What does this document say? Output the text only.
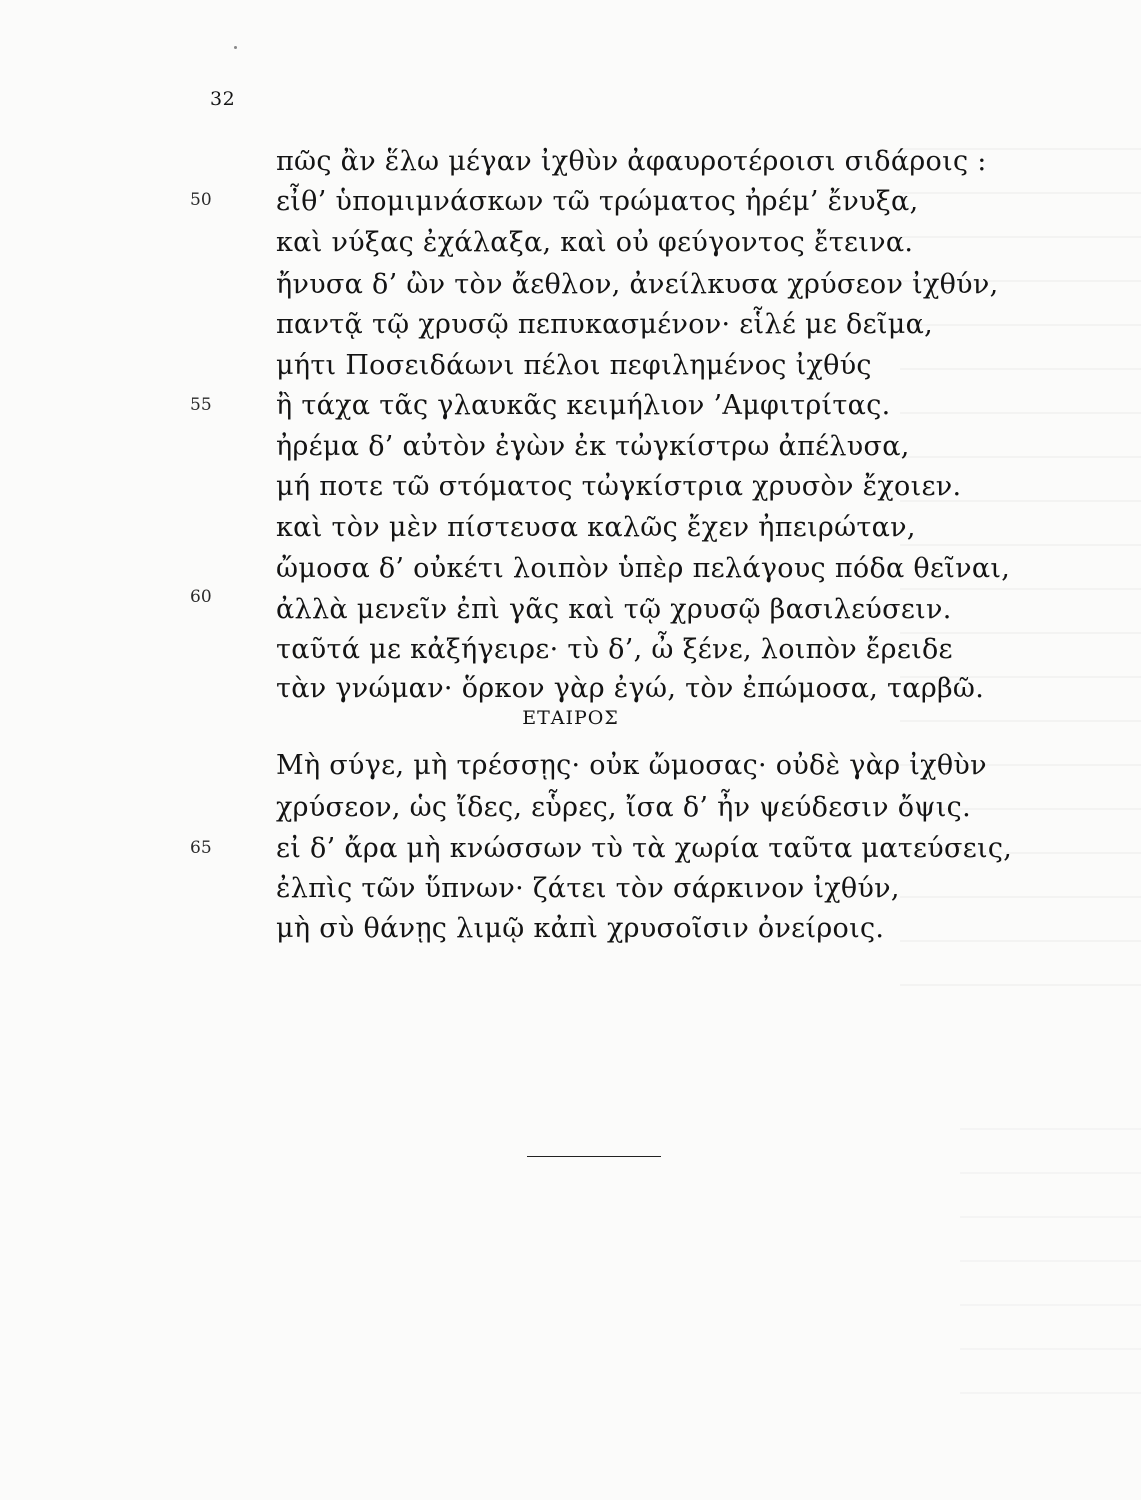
32
50
55
60
65
πῶς ἂν ἕλω μέγαν ἰχθὺν ἀφαυροτέροισι σιδάροις :
εἶθ’ ὑπομιμνάσκων τῶ τρώματος ἠρέμ’ ἔνυξα,
καὶ νύξας ἐχάλαξα, καὶ οὐ φεύγοντος ἔτεινα.
ἤνυσα δ’ ὢν τὸν ἄεθλον, ἀνείλκυσα χρύσεον ἰχθύν,
παντᾷ τῷ χρυσῷ πεπυκασμένον· εἷλέ με δεῖμα,
μήτι Ποσειδάωνι πέλοι πεφιλημένος ἰχθύς
ἢ τάχα τᾶς γλαυκᾶς κειμήλιον ’Αμφιτρίτας.
ἠρέμα δ’ αὐτὸν ἐγὼν ἐκ τὠγκίστρω ἀπέλυσα,
μή ποτε τῶ στόματος τὠγκίστρια χρυσὸν ἔχοιεν.
καὶ τὸν μὲν πίστευσα καλῶς ἔχεν ἠπειρώταν,
ὤμοσα δ’ οὐκέτι λοιπὸν ὑπὲρ πελάγους πόδα θεῖναι,
ἀλλὰ μενεῖν ἐπὶ γᾶς καὶ τῷ χρυσῷ βασιλεύσειν.
ταῦτά με κἀξήγειρε· τὺ δ’, ὦ ξένε, λοιπὸν ἔρειδε
τὰν γνώμαν· ὅρκον γὰρ ἐγώ, τὸν ἐπώμοσα, ταρβῶ.
ΕΤΑΙΡΟΣ
Μὴ σύγε, μὴ τρέσσῃς· οὐκ ὤμοσας· οὐδὲ γὰρ ἰχθὺν
χρύσεον, ὡς ἴδες, εὗρες, ἴσα δ’ ἦν ψεύδεσιν ὄψις.
εἰ δ’ ἄρα μὴ κνώσσων τὺ τὰ χωρία ταῦτα ματεύσεις,
ἐλπὶς τῶν ὕπνων· ζάτει τὸν σάρκινον ἰχθύν,
μὴ σὺ θάνῃς λιμῷ κἀπὶ χρυσοῖσιν ὀνείροις.
